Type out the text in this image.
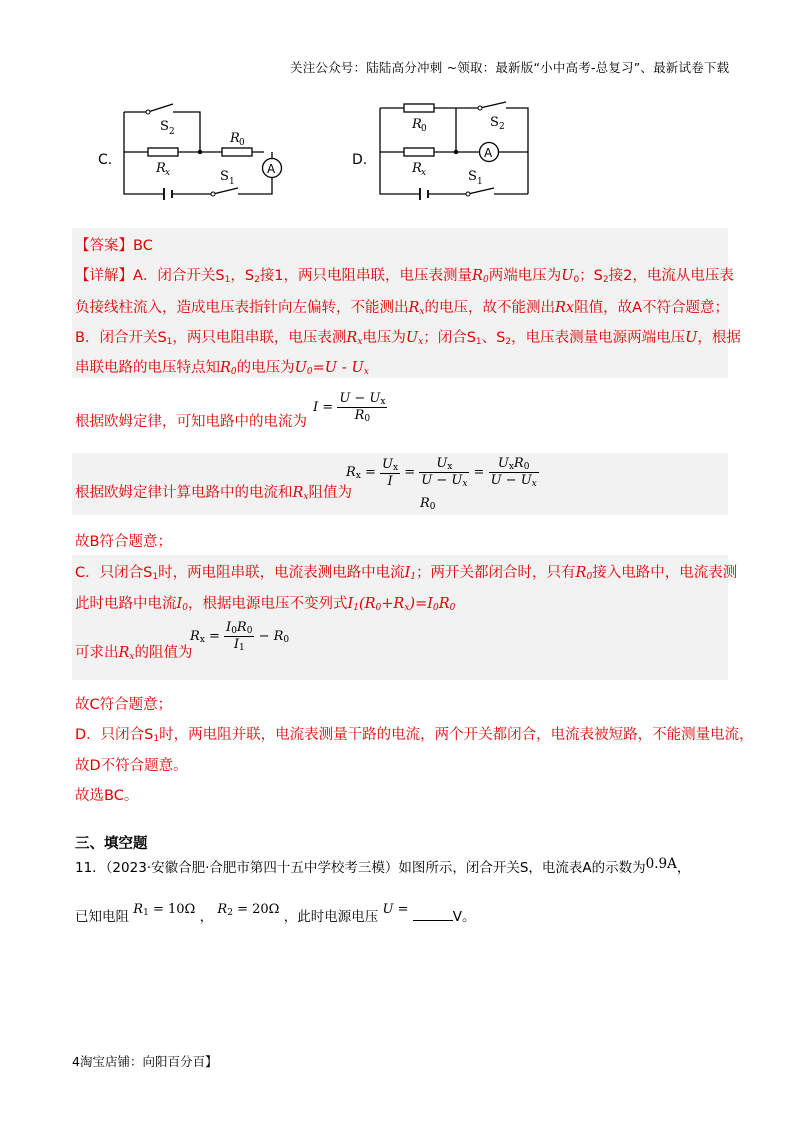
关注公众号：陆陆高分冲刺 ~领取：最新版“小中高考-总复习”、最新试卷下载
C.
A
S 2	R 0
R x	S 1
D.	A
R 0	S 2
R x	S 1
【答案】BC
【详解】A．闭合开关$S_1$，$S_2$接1，两只电阻串联，电压表测量$R_0$两端电压为$U_0$；$S_2$接2，电流从电压表
负接线柱流入，造成电压表指针向左偏转，不能测出$R_x$的电压，故不能测出Rx阻值，故A不符合题意；
B．闭合开关$S_1$，两只电阻串联，电压表测$R_x$电压为$U_x$；闭合$S_1$、$S_2$，电压表测量电源两端电压U，根据
串联电路的电压特点知$R_0$的电压为$U_0=U - U_x$
根据欧姆定律，可知电路中的电流为
$I = \frac{U - U_x}{R_0}$
根据欧姆定律计算电路中的电流和$R_x$阻值为
$R_x = \frac{U_x}{I} = \frac{U_x}{U - U_x} = \frac{U_xR_0}{U - U_x}$
$R_0$
故B符合题意；
C．只闭合$S_1$时，两电阻串联，电流表测电路中电流$I_1$；两开关都闭合时，只有$R_0$接入电路中，电流表测
此时电路中电流$I_0$，根据电源电压不变列式$I_1(R_0+R_x)=I_0R_0$
可求出$R_x$的阻值为
$R_x = \frac{I_0R_0}{I_1} - R_0$
故C符合题意；
D．只闭合$S_1$时，两电阻并联，电流表测量干路的电流，两个开关都闭合，电流表被短路，不能测量电流，
故D不符合题意。
故选BC。
三、填空题
11．（2023·安徽合肥·合肥市第四十五中学校考三模）如图所示，闭合开关S，电流表A的示数为0.9A，
已知电阻 $R_1 = 10\Omega$ ， $R_2 = 20\Omega$ ，此时电源电压 U =	V。
4淘宝店铺：向阳百分百】
